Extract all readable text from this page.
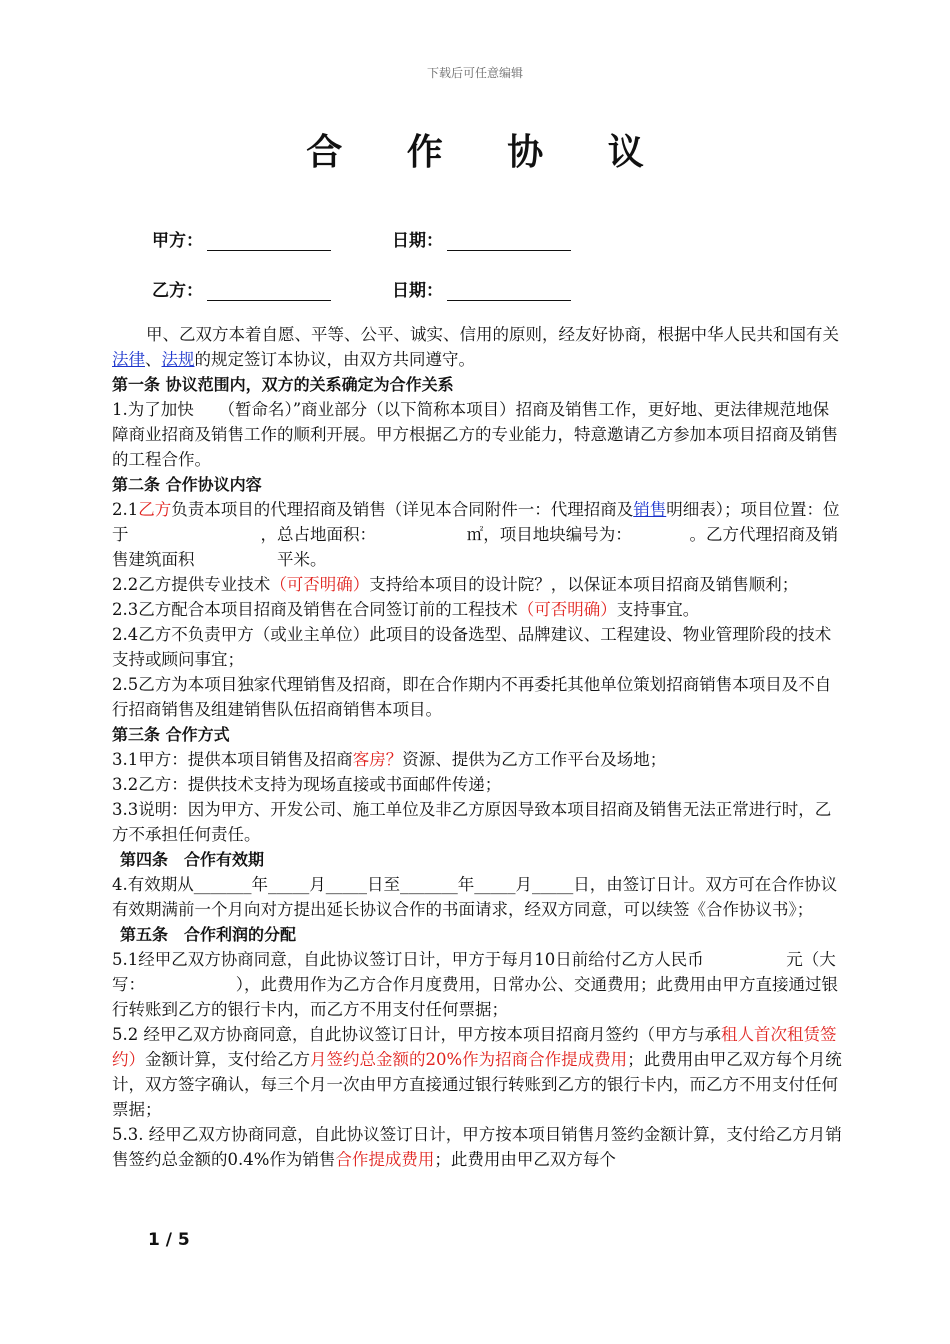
下载后可任意编辑
合 作 协 议
甲方：	日期：
乙方：	日期：

甲、乙双方本着自愿、平等、公平、诚实、信用的原则，经友好协商，根据中华人民共和国有关法律、法规的规定签订本协议，由双方共同遵守。

第一条 协议范围内，双方的关系确定为合作关系

1.为了加快　　（暂命名）”商业部分（以下简称本项目）招商及销售工作，更好地、更法律规范地保障商业招商及销售工作的顺利开展。甲方根据乙方的专业能力，特意邀请乙方参加本项目招商及销售的工程合作。

第二条 合作协议内容

2.1乙方负责本项目的代理招商及销售（详见本合同附件一：代理招商及销售明细表）；项目位置：位于　　　　　　　　，总占地面积：　　　　　　㎡，项目地块编号为：　　　　。乙方代理招商及销售建筑面积　　　　　平米。

2.2乙方提供专业技术（可否明确）支持给本项目的设计院？，以保证本项目招商及销售顺利；

2.3乙方配合本项目招商及销售在合同签订前的工程技术（可否明确）支持事宜。

2.4乙方不负责甲方（或业主单位）此项目的设备选型、品牌建议、工程建设、物业管理阶段的技术支持或顾问事宜；

2.5乙方为本项目独家代理销售及招商，即在合作期内不再委托其他单位策划招商销售本项目及不自行招商销售及组建销售队伍招商销售本项目。

第三条 合作方式

3.1甲方：提供本项目销售及招商客房？资源、提供为乙方工作平台及场地；

3.2乙方：提供技术支持为现场直接或书面邮件传递；

3.3说明：因为甲方、开发公司、施工单位及非乙方原因导致本项目招商及销售无法正常进行时，乙方不承担任何责任。

第四条　合作有效期

4.有效期从_______年_____月_____日至_______年_____月_____日，由签订日计。双方可在合作协议有效期满前一个月向对方提出延长协议合作的书面请求，经双方同意，可以续签《合作协议书》；

第五条　合作利润的分配

5.1经甲乙双方协商同意，自此协议签订日计，甲方于每月10日前给付乙方人民币　　　　　元（大写：　　　　　　），此费用作为乙方合作月度费用，日常办公、交通费用；此费用由甲方直接通过银行转账到乙方的银行卡内，而乙方不用支付任何票据；

5.2 经甲乙双方协商同意，自此协议签订日计，甲方按本项目招商月签约（甲方与承租人首次租赁签约）金额计算，支付给乙方月签约总金额的20%作为招商合作提成费用；此费用由甲乙双方每个月统计，双方签字确认，每三个月一次由甲方直接通过银行转账到乙方的银行卡内，而乙方不用支付任何票据；

5.3. 经甲乙双方协商同意，自此协议签订日计，甲方按本项目销售月签约金额计算，支付给乙方月销售签约总金额的0.4%作为销售合作提成费用；此费用由甲乙双方每个

1 / 5
